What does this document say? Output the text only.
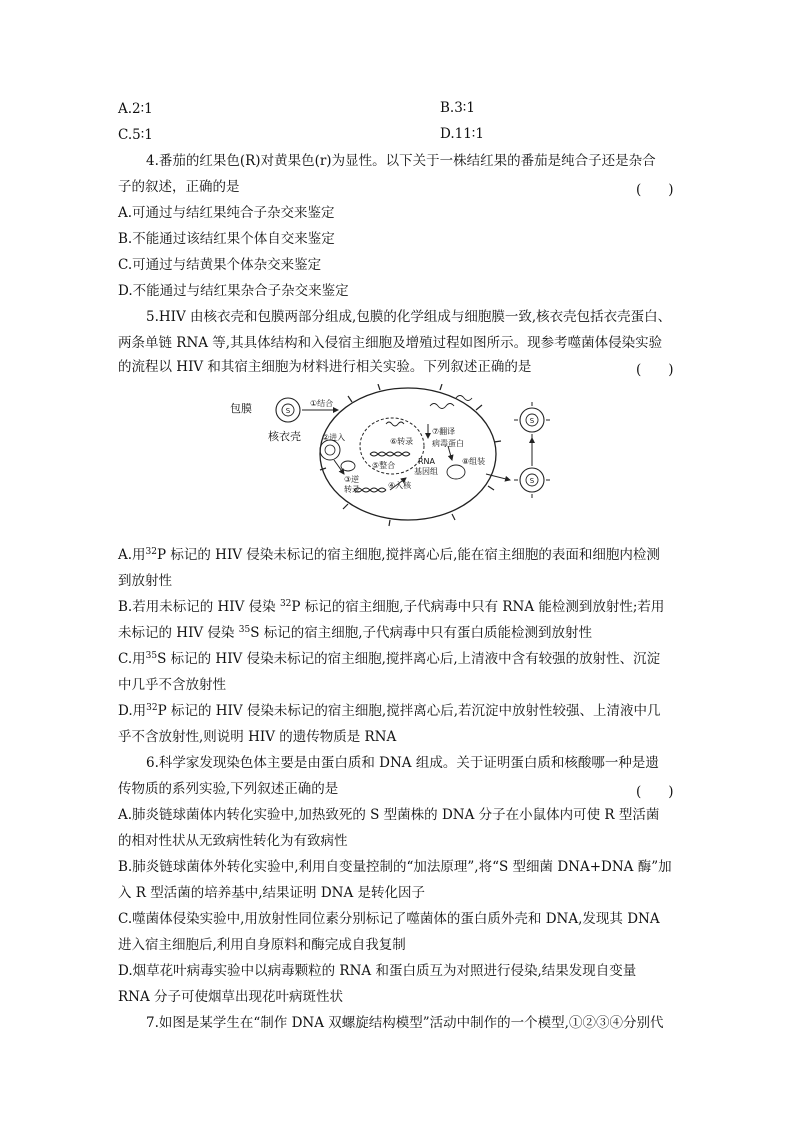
A.2∶1	B.3∶1
C.5∶1	D.11∶1
4.番茄的红果色(R)对黄果色(r)为显性。以下关于一株结红果的番茄是纯合子还是杂合
子的叙述，正确的是	(　　)
A.可通过与结红果纯合子杂交来鉴定
B.不能通过该结红果个体自交来鉴定
C.可通过与结黄果个体杂交来鉴定
D.不能通过与结红果杂合子杂交来鉴定
5.HIV 由核衣壳和包膜两部分组成,包膜的化学组成与细胞膜一致,核衣壳包括衣壳蛋白、
两条单链 RNA 等,其具体结构和入侵宿主细胞及增殖过程如图所示。现参考噬菌体侵染实验
的流程以 HIV 和其宿主细胞为材料进行相关实验。下列叙述正确的是	(　　)
S
S
S
包膜
核衣壳
①结合
②进入
③逆
转录	④入核
⑤整合
⑥转录
⑦翻译
病毒蛋白
RNA
基因组
⑧组装
A.用$^{32}$P 标记的 HIV 侵染未标记的宿主细胞,搅拌离心后,能在宿主细胞的表面和细胞内检测
到放射性
B.若用未标记的 HIV 侵染 $^{32}$P 标记的宿主细胞,子代病毒中只有 RNA 能检测到放射性;若用
未标记的 HIV 侵染 $^{35}$S 标记的宿主细胞,子代病毒中只有蛋白质能检测到放射性
C.用$^{35}$S 标记的 HIV 侵染未标记的宿主细胞,搅拌离心后,上清液中含有较强的放射性、沉淀
中几乎不含放射性
D.用$^{32}$P 标记的 HIV 侵染未标记的宿主细胞,搅拌离心后,若沉淀中放射性较强、上清液中几
乎不含放射性,则说明 HIV 的遗传物质是 RNA
6.科学家发现染色体主要是由蛋白质和 DNA 组成。关于证明蛋白质和核酸哪一种是遗
传物质的系列实验,下列叙述正确的是	(　　)
A.肺炎链球菌体内转化实验中,加热致死的 S 型菌株的 DNA 分子在小鼠体内可使 R 型活菌
的相对性状从无致病性转化为有致病性
B.肺炎链球菌体外转化实验中,利用自变量控制的“加法原理”,将“S 型细菌 DNA+DNA 酶”加
入 R 型活菌的培养基中,结果证明 DNA 是转化因子
C.噬菌体侵染实验中,用放射性同位素分别标记了噬菌体的蛋白质外壳和 DNA,发现其 DNA
进入宿主细胞后,利用自身原料和酶完成自我复制
D.烟草花叶病毒实验中以病毒颗粒的 RNA 和蛋白质互为对照进行侵染,结果发现自变量
RNA 分子可使烟草出现花叶病斑性状
7.如图是某学生在“制作 DNA 双螺旋结构模型”活动中制作的一个模型,①②③④分别代
